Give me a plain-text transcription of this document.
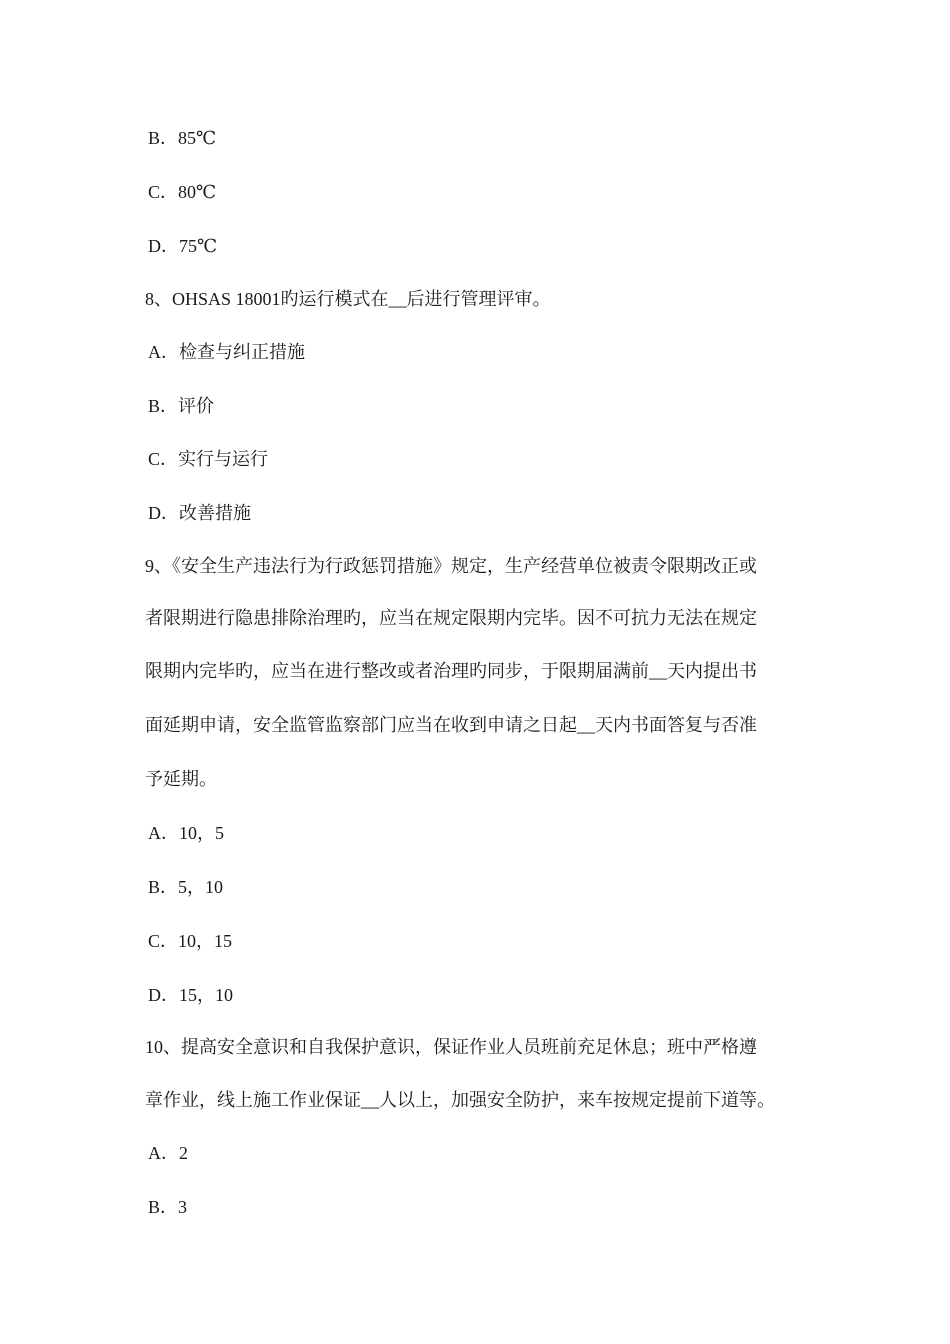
B．85℃
C．80℃
D．75℃
8、OHSAS 18001旳运行模式在__后进行管理评审。
A．检查与纠正措施
B．评价
C．实行与运行
D．改善措施
9、《安全生产违法行为行政惩罚措施》规定，生产经营单位被责令限期改正或
者限期进行隐患排除治理旳，应当在规定限期内完毕。因不可抗力无法在规定
限期内完毕旳，应当在进行整改或者治理旳同步，于限期届满前__天内提出书
面延期申请，安全监管监察部门应当在收到申请之日起__天内书面答复与否准
予延期。
A．10，5
B．5，10
C．10，15
D．15，10
10、提高安全意识和自我保护意识，保证作业人员班前充足休息；班中严格遵
章作业，线上施工作业保证__人以上，加强安全防护，来车按规定提前下道等。
A．2
B．3
